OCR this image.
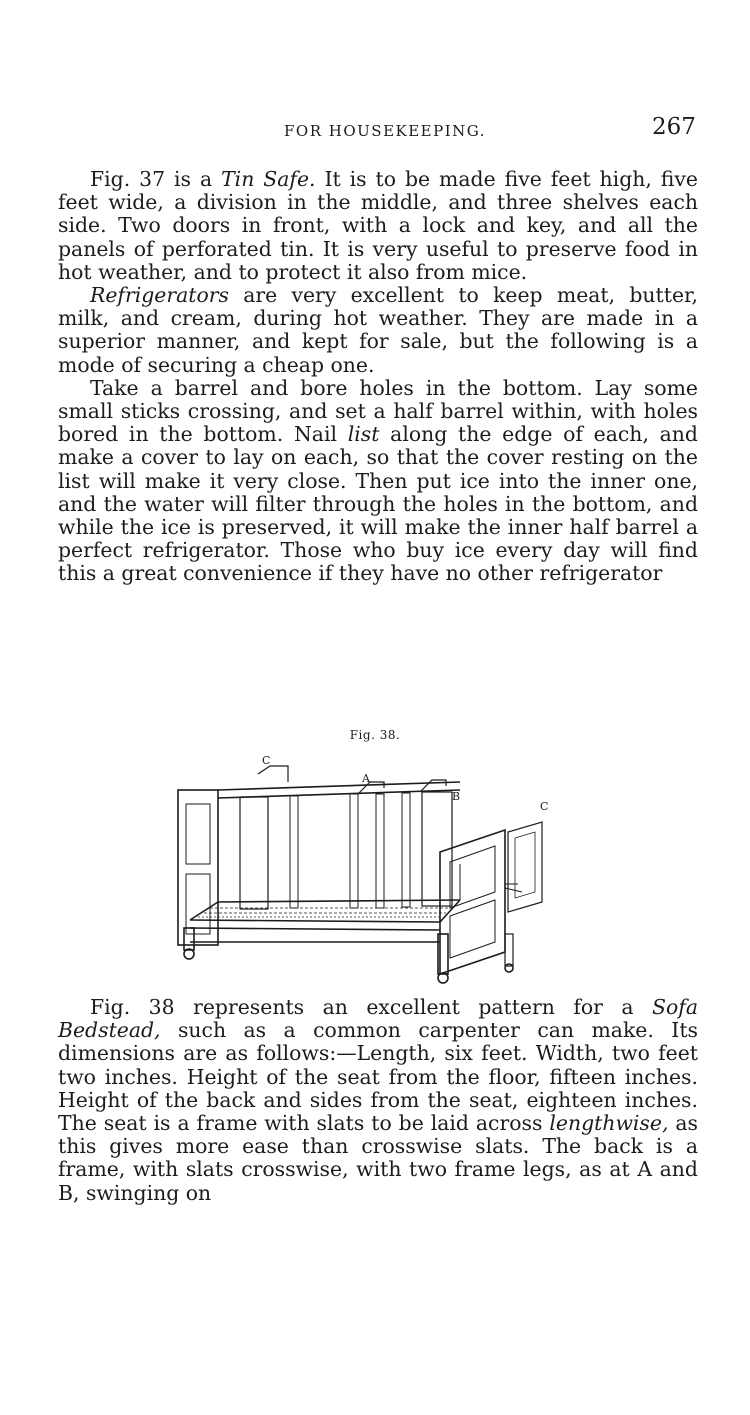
FOR HOUSEKEEPING.	267

Fig. 37 is a Tin Safe. It is to be made five feet high, five feet wide, a division in the middle, and three shelves each side. Two doors in front, with a lock and key, and all the panels of perforated tin. It is very useful to preserve food in hot weather, and to protect it also from mice.

Refrigerators are very excellent to keep meat, butter, milk, and cream, during hot weather. They are made in a superior manner, and kept for sale, but the following is a mode of securing a cheap one.

Take a barrel and bore holes in the bottom. Lay some small sticks crossing, and set a half barrel within, with holes bored in the bottom. Nail list along the edge of each, and make a cover to lay on each, so that the cover resting on the list will make it very close. Then put ice into the inner one, and the water will filter through the holes in the bottom, and while the ice is preserved, it will make the inner half barrel a perfect refrigerator. Those who buy ice every day will find this a great convenience if they have no other refrigerator

Fig. 38.
C
A
B
C

Fig. 38 represents an excellent pattern for a Sofa Bedstead, such as a common carpenter can make. Its dimensions are as follows:—Length, six feet. Width, two feet two inches. Height of the seat from the floor, fifteen inches. Height of the back and sides from the seat, eighteen inches. The seat is a frame with slats to be laid across lengthwise, as this gives more ease than crosswise slats. The back is a frame, with slats crosswise, with two frame legs, as at A and B, swinging on
